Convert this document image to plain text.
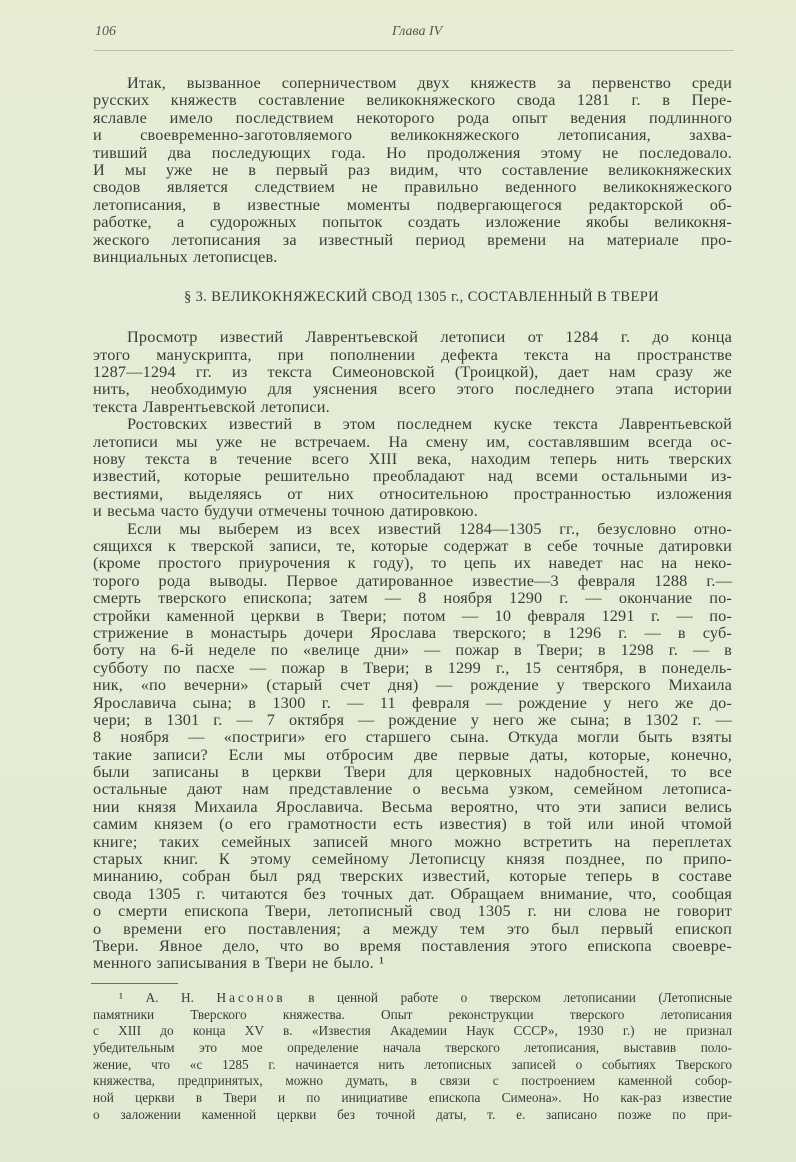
106	Глава IV
Итак, вызванное соперничеством двух княжеств за первенство среди
русских княжеств составление великокняжеского свода 1281 г. в Пере-
яславле имело последствием некоторого рода опыт ведения подлинного
и своевременно-заготовляемого великокняжеского летописания, захва-
тивший два последующих года. Но продолжения этому не последовало.
И мы уже не в первый раз видим, что составление великокняжеских
сводов является следствием не правильно веденного великокняжеского
летописания, в известные моменты подвергающегося редакторской об-
работке, а судорожных попыток создать изложение якобы великокня-
жеского летописания за известный период времени на материале про-
винциальных летописцев.
§ 3. ВЕЛИКОКНЯЖЕСКИЙ СВОД 1305 г., СОСТАВЛЕННЫЙ В ТВЕРИ
Просмотр известий Лаврентьевской летописи от 1284 г. до конца
этого манускрипта, при пополнении дефекта текста на пространстве
1287—1294 гг. из текста Симеоновской (Троицкой), дает нам сразу же
нить, необходимую для уяснения всего этого последнего этапа истории
текста Лаврентьевской летописи.
Ростовских известий в этом последнем куске текста Лаврентьевской
летописи мы уже не встречаем. На смену им, составлявшим всегда ос-
нову текста в течение всего XIII века, находим теперь нить тверских
известий, которые решительно преобладают над всеми остальными из-
вестиями, выделяясь от них относительною пространностью изложения
и весьма часто будучи отмечены точною датировкою.
Если мы выберем из всех известий 1284—1305 гг., безусловно отно-
сящихся к тверской записи, те, которые содержат в себе точные датировки
(кроме простого приурочения к году), то цепь их наведет нас на неко-
торого рода выводы. Первое датированное известие—3 февраля 1288 г.—
смерть тверского епископа; затем — 8 ноября 1290 г. — окончание по-
стройки каменной церкви в Твери; потом — 10 февраля 1291 г. — по-
стрижение в монастырь дочери Ярослава тверского; в 1296 г. — в суб-
боту на 6-й неделе по «велице дни» — пожар в Твери; в 1298 г. — в
субботу по пасхе — пожар в Твери; в 1299 г., 15 сентября, в понедель-
ник, «по вечерни» (старый счет дня) — рождение у тверского Михаила
Ярославича сына; в 1300 г. — 11 февраля — рождение у него же до-
чери; в 1301 г. — 7 октября — рождение у него же сына; в 1302 г. —
8 ноября — «постриги» его старшего сына. Откуда могли быть взяты
такие записи? Если мы отбросим две первые даты, которые, конечно,
были записаны в церкви Твери для церковных надобностей, то все
остальные дают нам представление о весьма узком, семейном летописа-
нии князя Михаила Ярославича. Весьма вероятно, что эти записи велись
самим князем (о его грамотности есть известия) в той или иной чтомой
книге; таких семейных записей много можно встретить на переплетах
старых книг. К этому семейному Летописцу князя позднее, по припо-
минанию, собран был ряд тверских известий, которые теперь в составе
свода 1305 г. читаются без точных дат. Обращаем внимание, что, сообщая
о смерти епископа Твери, летописный свод 1305 г. ни слова не говорит
о времени его поставления; а между тем это был первый епископ
Твери. Явное дело, что во время поставления этого епископа своевре-
менного записывания в Твери не было. ¹
¹ А. Н. Насонов в ценной работе о тверском летописании (Летописные
памятники Тверского княжества. Опыт реконструкции тверского летописания
с XIII до конца XV в. «Известия Академии Наук СССР», 1930 г.) не признал
убедительным это мое определение начала тверского летописания, выставив поло-
жение, что «с 1285 г. начинается нить летописных записей о событиях Тверского
княжества, предпринятых, можно думать, в связи с построением каменной собор-
ной церкви в Твери и по инициативе епископа Симеона». Но как-раз известие
о заложении каменной церкви без точной даты, т. е. записано позже по при-
